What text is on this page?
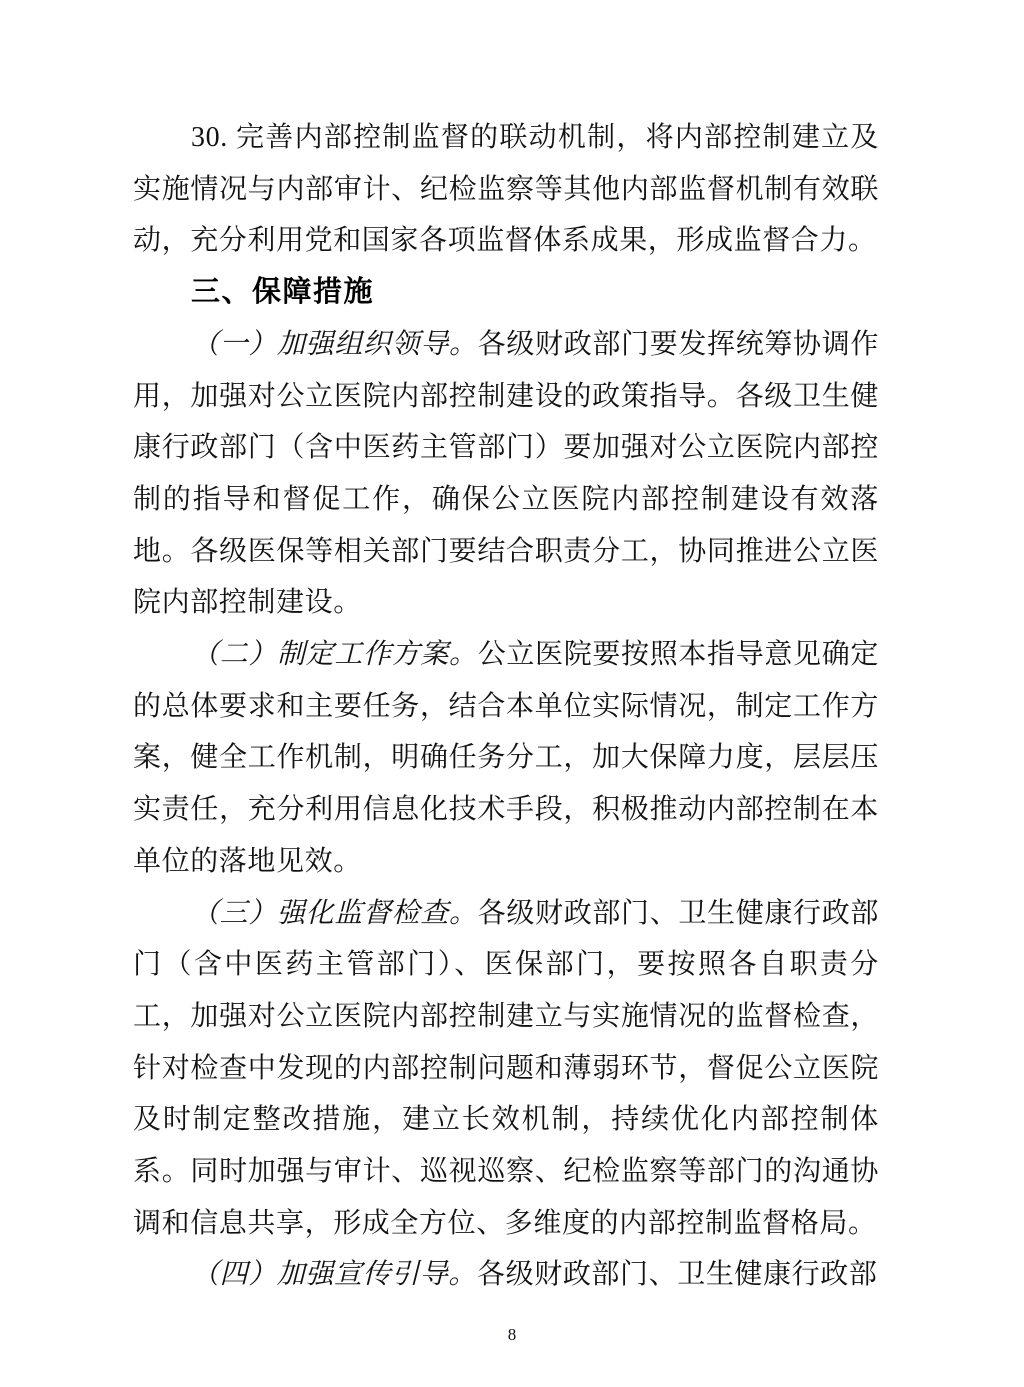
30. 完善内部控制监督的联动机制，将内部控制建立及实施情况与内部审计、纪检监察等其他内部监督机制有效联动，充分利用党和国家各项监督体系成果，形成监督合力。

三、保障措施

（一）加强组织领导。各级财政部门要发挥统筹协调作用，加强对公立医院内部控制建设的政策指导。各级卫生健康行政部门（含中医药主管部门）要加强对公立医院内部控制的指导和督促工作，确保公立医院内部控制建设有效落地。各级医保等相关部门要结合职责分工，协同推进公立医院内部控制建设。

（二）制定工作方案。公立医院要按照本指导意见确定的总体要求和主要任务，结合本单位实际情况，制定工作方案，健全工作机制，明确任务分工，加大保障力度，层层压实责任，充分利用信息化技术手段，积极推动内部控制在本单位的落地见效。

（三）强化监督检查。各级财政部门、卫生健康行政部门（含中医药主管部门）、医保部门，要按照各自职责分工，加强对公立医院内部控制建立与实施情况的监督检查，针对检查中发现的内部控制问题和薄弱环节，督促公立医院及时制定整改措施，建立长效机制，持续优化内部控制体系。同时加强与审计、巡视巡察、纪检监察等部门的沟通协调和信息共享，形成全方位、多维度的内部控制监督格局。

（四）加强宣传引导。各级财政部门、卫生健康行政部

8
